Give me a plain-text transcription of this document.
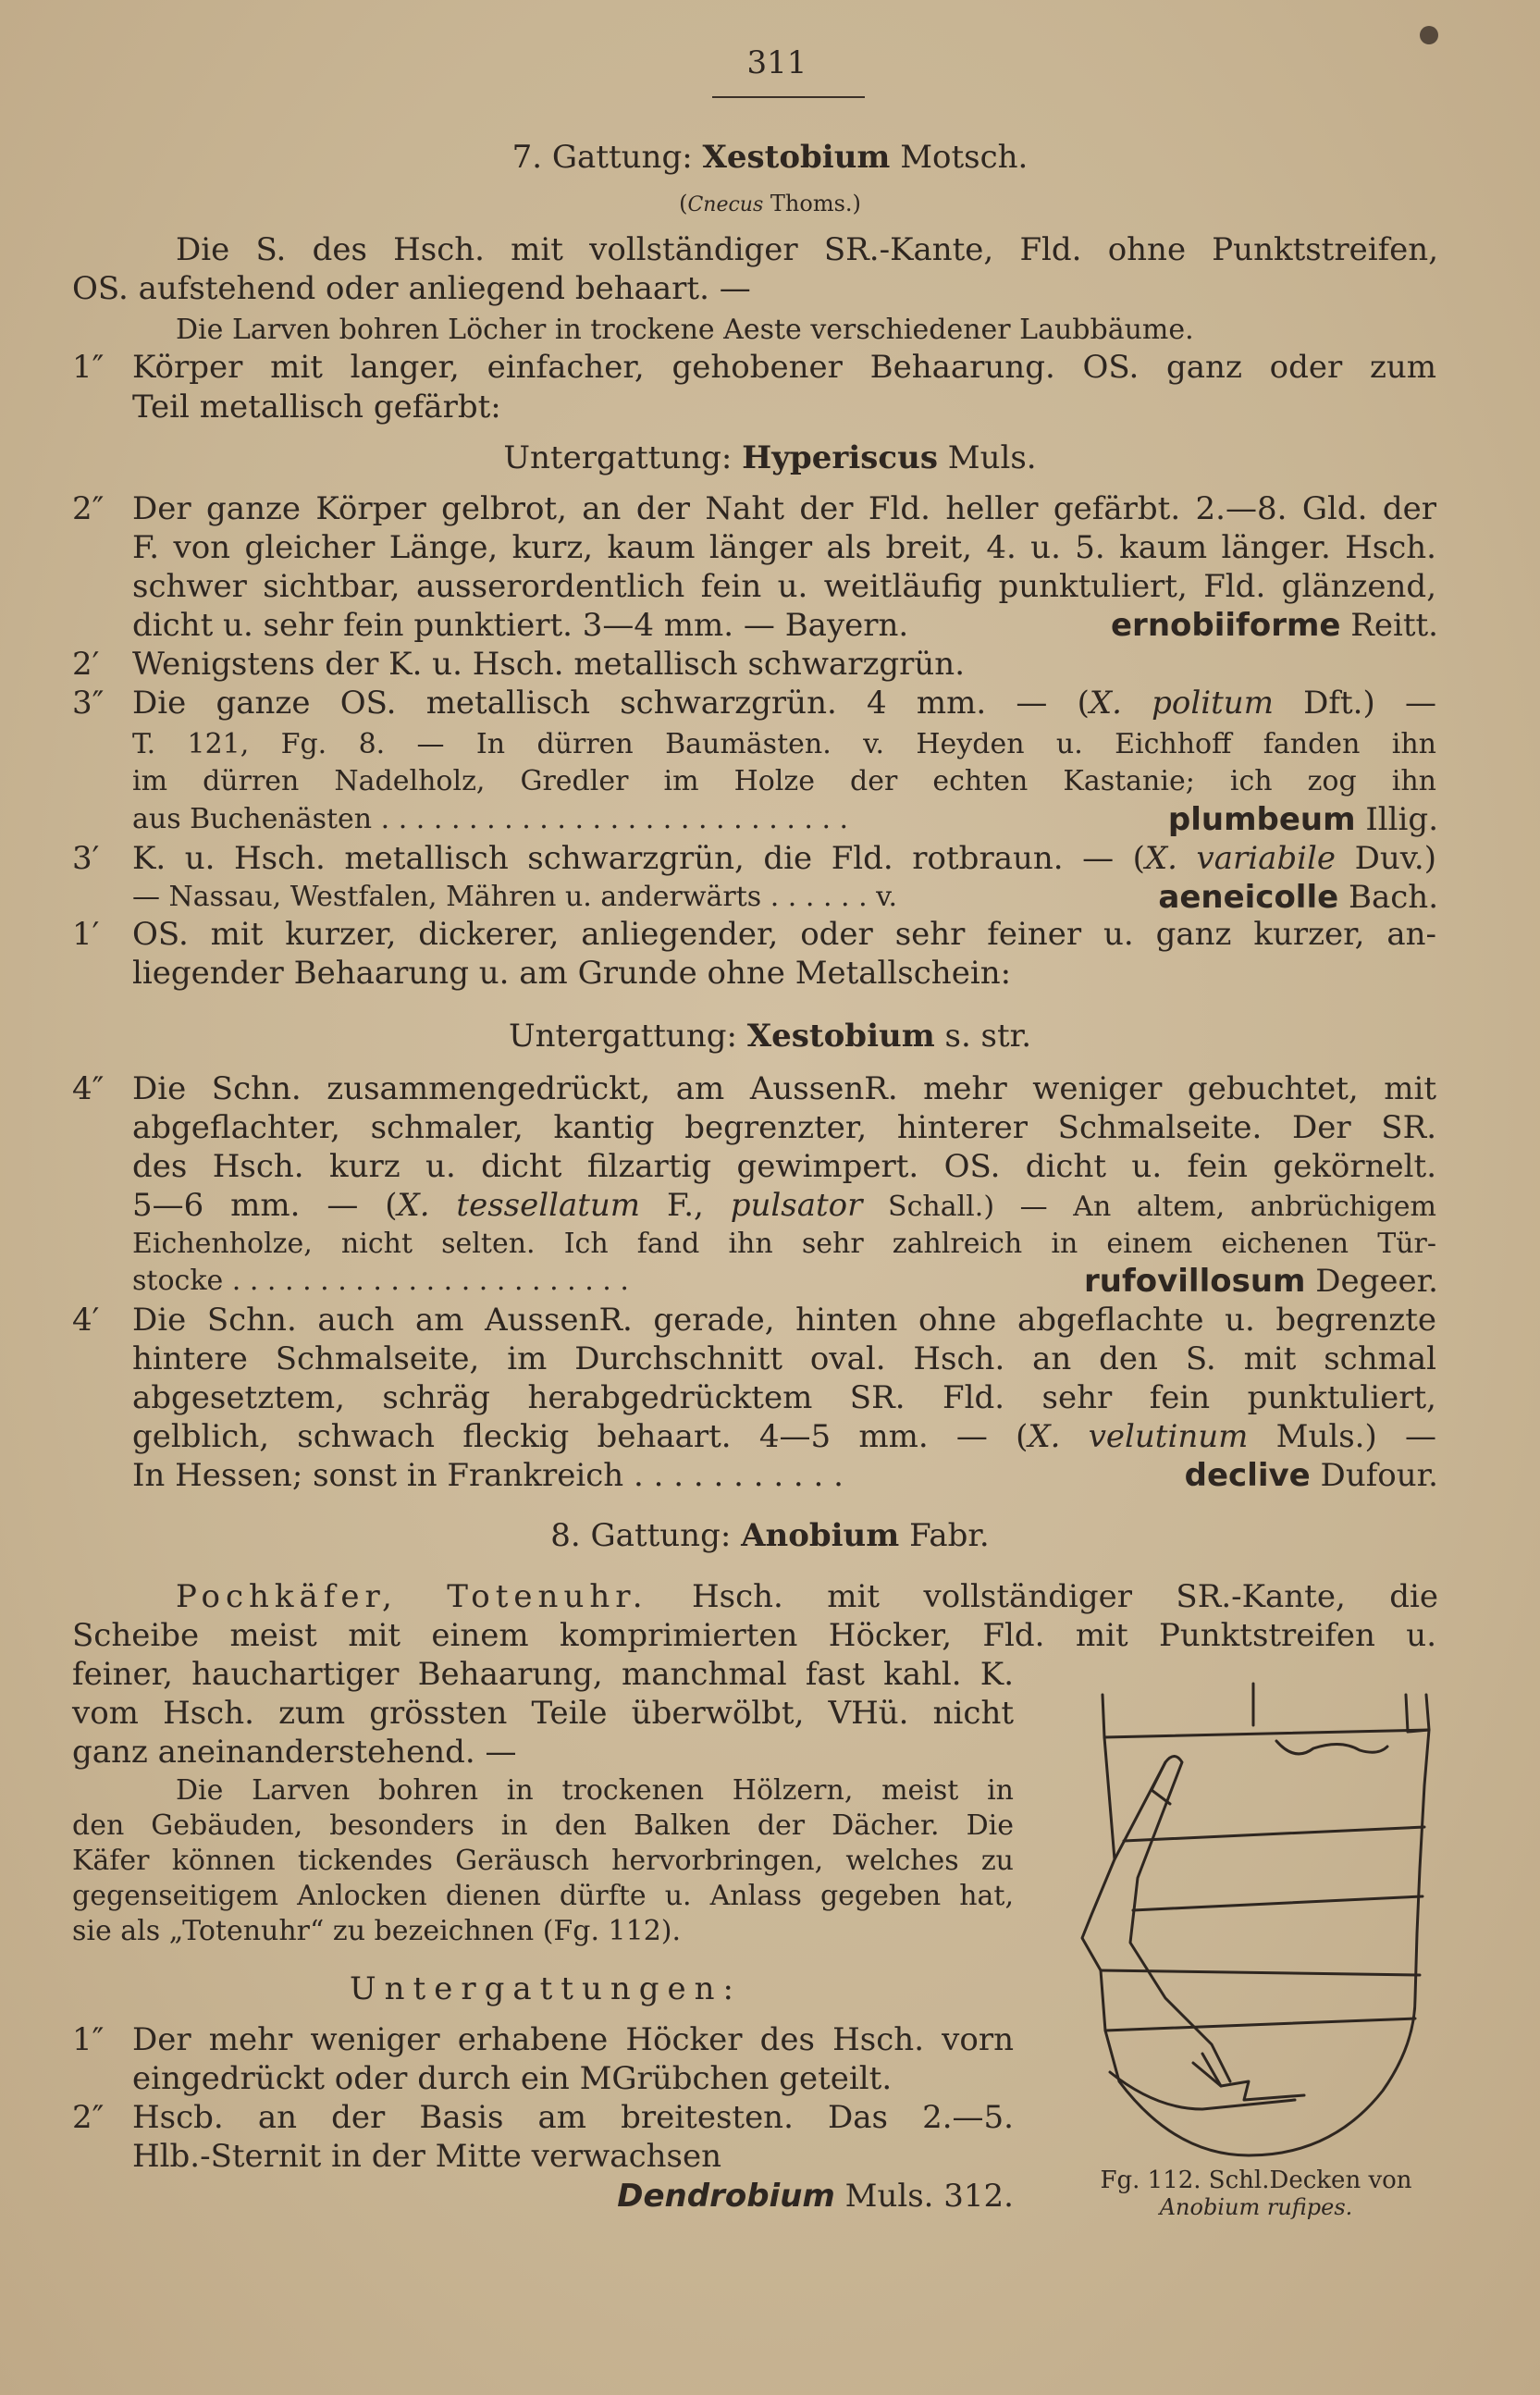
311
7. Gattung: Xestobium Motsch.
(Cnecus Thoms.)
Die S. des Hsch. mit vollständiger SR.-Kante, Fld. ohne Punktstreifen,
OS. aufstehend oder anliegend behaart. —
Die Larven bohren Löcher in trockene Aeste verschiedener Laubbäume.
1″ Körper mit langer, einfacher, gehobener Behaarung. OS. ganz oder zum
Teil metallisch gefärbt:
Untergattung: Hyperiscus Muls.
2″ Der ganze Körper gelbrot, an der Naht der Fld. heller gefärbt. 2.—8. Gld. der
F. von gleicher Länge, kurz, kaum länger als breit, 4. u. 5. kaum länger. Hsch.
schwer sichtbar, ausserordentlich fein u. weitläufig punktuliert, Fld. glänzend,
dicht u. sehr fein punktiert. 3—4 mm. — Bayern.	ernobiiforme Reitt.
2′ Wenigstens der K. u. Hsch. metallisch schwarzgrün.
3″ Die ganze OS. metallisch schwarzgrün. 4 mm. — (X. politum Dft.) —
T. 121, Fg. 8. — In dürren Baumästen. v. Heyden u. Eichhoff fanden ihn
im dürren Nadelholz, Gredler im Holze der echten Kastanie; ich zog ihn
aus Buchenästen . . . . . . . . . . . . . . . . . . . . . . . . . . .	plumbeum Illig.
3′ K. u. Hsch. metallisch schwarzgrün, die Fld. rotbraun. — (X. variabile Duv.)
— Nassau, Westfalen, Mähren u. anderwärts . . . . . . v.	aeneicolle Bach.
1′ OS. mit kurzer, dickerer, anliegender, oder sehr feiner u. ganz kurzer, an-
liegender Behaarung u. am Grunde ohne Metallschein:
Untergattung: Xestobium s. str.
4″ Die Schn. zusammengedrückt, am AussenR. mehr weniger gebuchtet, mit
abgeflachter, schmaler, kantig begrenzter, hinterer Schmalseite. Der SR.
des Hsch. kurz u. dicht filzartig gewimpert. OS. dicht u. fein gekörnelt.
5—6 mm. — (X. tessellatum F., pulsator Schall.) — An altem, anbrüchigem
Eichenholze, nicht selten. Ich fand ihn sehr zahlreich in einem eichenen Tür-
stocke . . . . . . . . . . . . . . . . . . . . . . .	rufovillosum Degeer.
4′ Die Schn. auch am AussenR. gerade, hinten ohne abgeflachte u. begrenzte
hintere Schmalseite, im Durchschnitt oval. Hsch. an den S. mit schmal
abgesetztem, schräg herabgedrücktem SR. Fld. sehr fein punktuliert,
gelblich, schwach fleckig behaart. 4—5 mm. — (X. velutinum Muls.) —
In Hessen; sonst in Frankreich . . . . . . . . . . .	declive Dufour.
8. Gattung: Anobium Fabr.
Pochkäfer, Totenuhr. Hsch. mit vollständiger SR.-Kante, die
Scheibe meist mit einem komprimierten Höcker, Fld. mit Punktstreifen u.
feiner, hauchartiger Behaarung, manchmal fast kahl. K.
vom Hsch. zum grössten Teile überwölbt, VHü. nicht
ganz aneinanderstehend. —
Die Larven bohren in trockenen Hölzern, meist in
den Gebäuden, besonders in den Balken der Dächer. Die
Käfer können tickendes Geräusch hervorbringen, welches zu
gegenseitigem Anlocken dienen dürfte u. Anlass gegeben hat,
sie als „Totenuhr“ zu bezeichnen (Fg. 112).
Untergattungen:
1″ Der mehr weniger erhabene Höcker des Hsch. vorn
eingedrückt oder durch ein MGrübchen geteilt.
2″ Hscb. an der Basis am breitesten. Das 2.—5.
Hlb.-Sternit in der Mitte verwachsen
Dendrobium Muls. 312.	Fg. 112. Schl.Decken von
Anobium rufipes.
